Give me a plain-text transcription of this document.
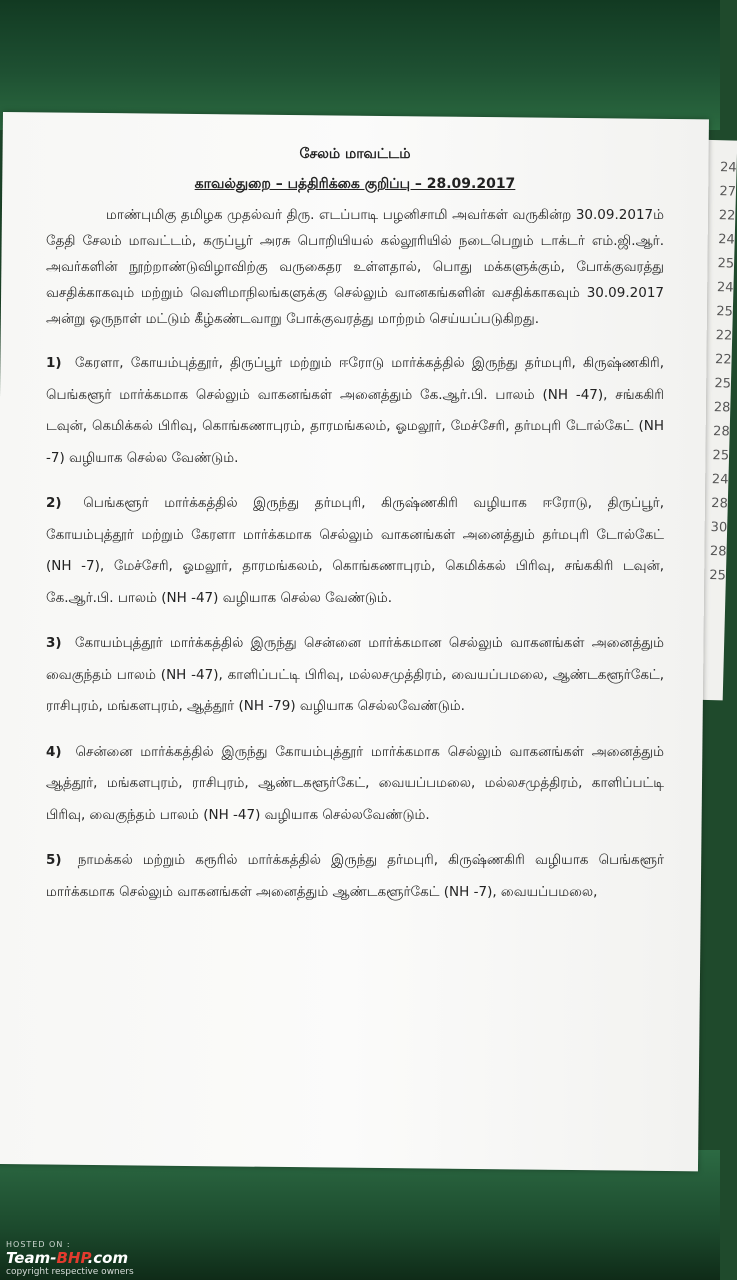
24
27
22
24
25
24
25
22
22
25
28
28
25
24
28
30
28
25
சேலம் மாவட்டம்
காவல்துறை – பத்திரிக்கை குறிப்பு – 28.09.2017
மாண்புமிகு தமிழக முதல்வர் திரு. எடப்பாடி பழனிசாமி அவர்கள் வருகின்ற 30.09.2017ம் தேதி சேலம் மாவட்டம், கருப்பூர் அரசு பொறியியல் கல்லூரியில் நடைபெறும் டாக்டர் எம்.ஜி.ஆர். அவர்களின் நூற்றாண்டுவிழாவிற்கு வருகைதர உள்ளதால், பொது மக்களுக்கும், போக்குவரத்து வசதிக்காகவும் மற்றும் வெளிமாநிலங்களுக்கு செல்லும் வானகங்களின் வசதிக்காகவும் 30.09.2017 அன்று ஒருநாள் மட்டும் கீழ்கண்டவாறு போக்குவரத்து மாற்றம் செய்யப்படுகிறது.
1) கேரளா, கோயம்புத்தூர், திருப்பூர் மற்றும் ஈரோடு மார்க்கத்தில் இருந்து தர்மபுரி, கிருஷ்ணகிரி, பெங்களூர் மார்க்கமாக செல்லும் வாகனங்கள் அனைத்தும் கே.ஆர்.பி. பாலம் (NH -47), சங்ககிரி டவுன், கெமிக்கல் பிரிவு, கொங்கணாபுரம், தாரமங்கலம், ஓமலூர், மேச்சேரி, தர்மபுரி டோல்கேட் (NH -7) வழியாக செல்ல வேண்டும்.
2) பெங்களூர் மார்க்கத்தில் இருந்து தர்மபுரி, கிருஷ்ணகிரி வழியாக ஈரோடு, திருப்பூர், கோயம்புத்தூர் மற்றும் கேரளா மார்க்கமாக செல்லும் வாகனங்கள் அனைத்தும் தர்மபுரி டோல்கேட் (NH -7), மேச்சேரி, ஓமலூர், தாரமங்கலம், கொங்கணாபுரம், கெமிக்கல் பிரிவு, சங்ககிரி டவுன், கே.ஆர்.பி. பாலம் (NH -47) வழியாக செல்ல வேண்டும்.
3) கோயம்புத்தூர் மார்க்கத்தில் இருந்து சென்னை மார்க்கமான செல்லும் வாகனங்கள் அனைத்தும் வைகுந்தம் பாலம் (NH -47), காளிப்பட்டி பிரிவு, மல்லசமுத்திரம், வையப்பமலை, ஆண்டகளூர்கேட், ராசிபுரம், மங்களபுரம், ஆத்தூர் (NH -79) வழியாக செல்லவேண்டும்.
4) சென்னை மார்க்கத்தில் இருந்து கோயம்புத்தூர் மார்க்கமாக செல்லும் வாகனங்கள் அனைத்தும் ஆத்தூர், மங்களபுரம், ராசிபுரம், ஆண்டகளூர்கேட், வையப்பமலை, மல்லசமுத்திரம், காளிப்பட்டி பிரிவு, வைகுந்தம் பாலம் (NH -47) வழியாக செல்லவேண்டும்.
5) நாமக்கல் மற்றும் கரூரில் மார்க்கத்தில் இருந்து தர்மபுரி, கிருஷ்ணகிரி வழியாக பெங்களூர் மார்க்கமாக செல்லும் வாகனங்கள் அனைத்தும் ஆண்டகளூர்கேட் (NH -7), வையப்பமலை,
HOSTED ON :
Team-BHP.com
copyright respective owners
